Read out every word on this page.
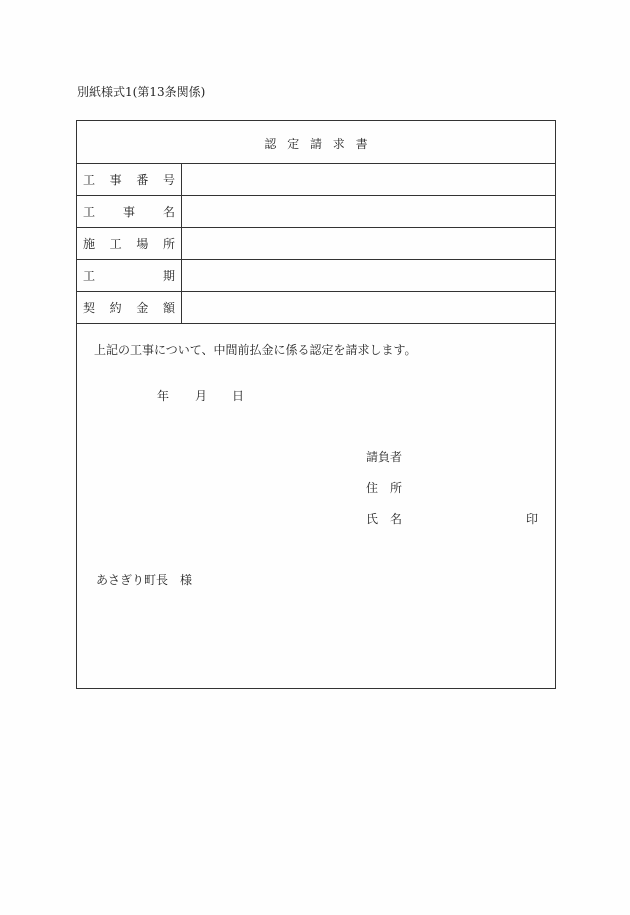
別紙様式1(第13条関係)
認定請求書
工 事 番 号
工 事 名
施 工 場 所
工	期
契 約 金 額
上記の工事について、中間前払金に係る認定を請求します。
年 月 日
請負者
住　所
氏　名	印
あさぎり町長　様
